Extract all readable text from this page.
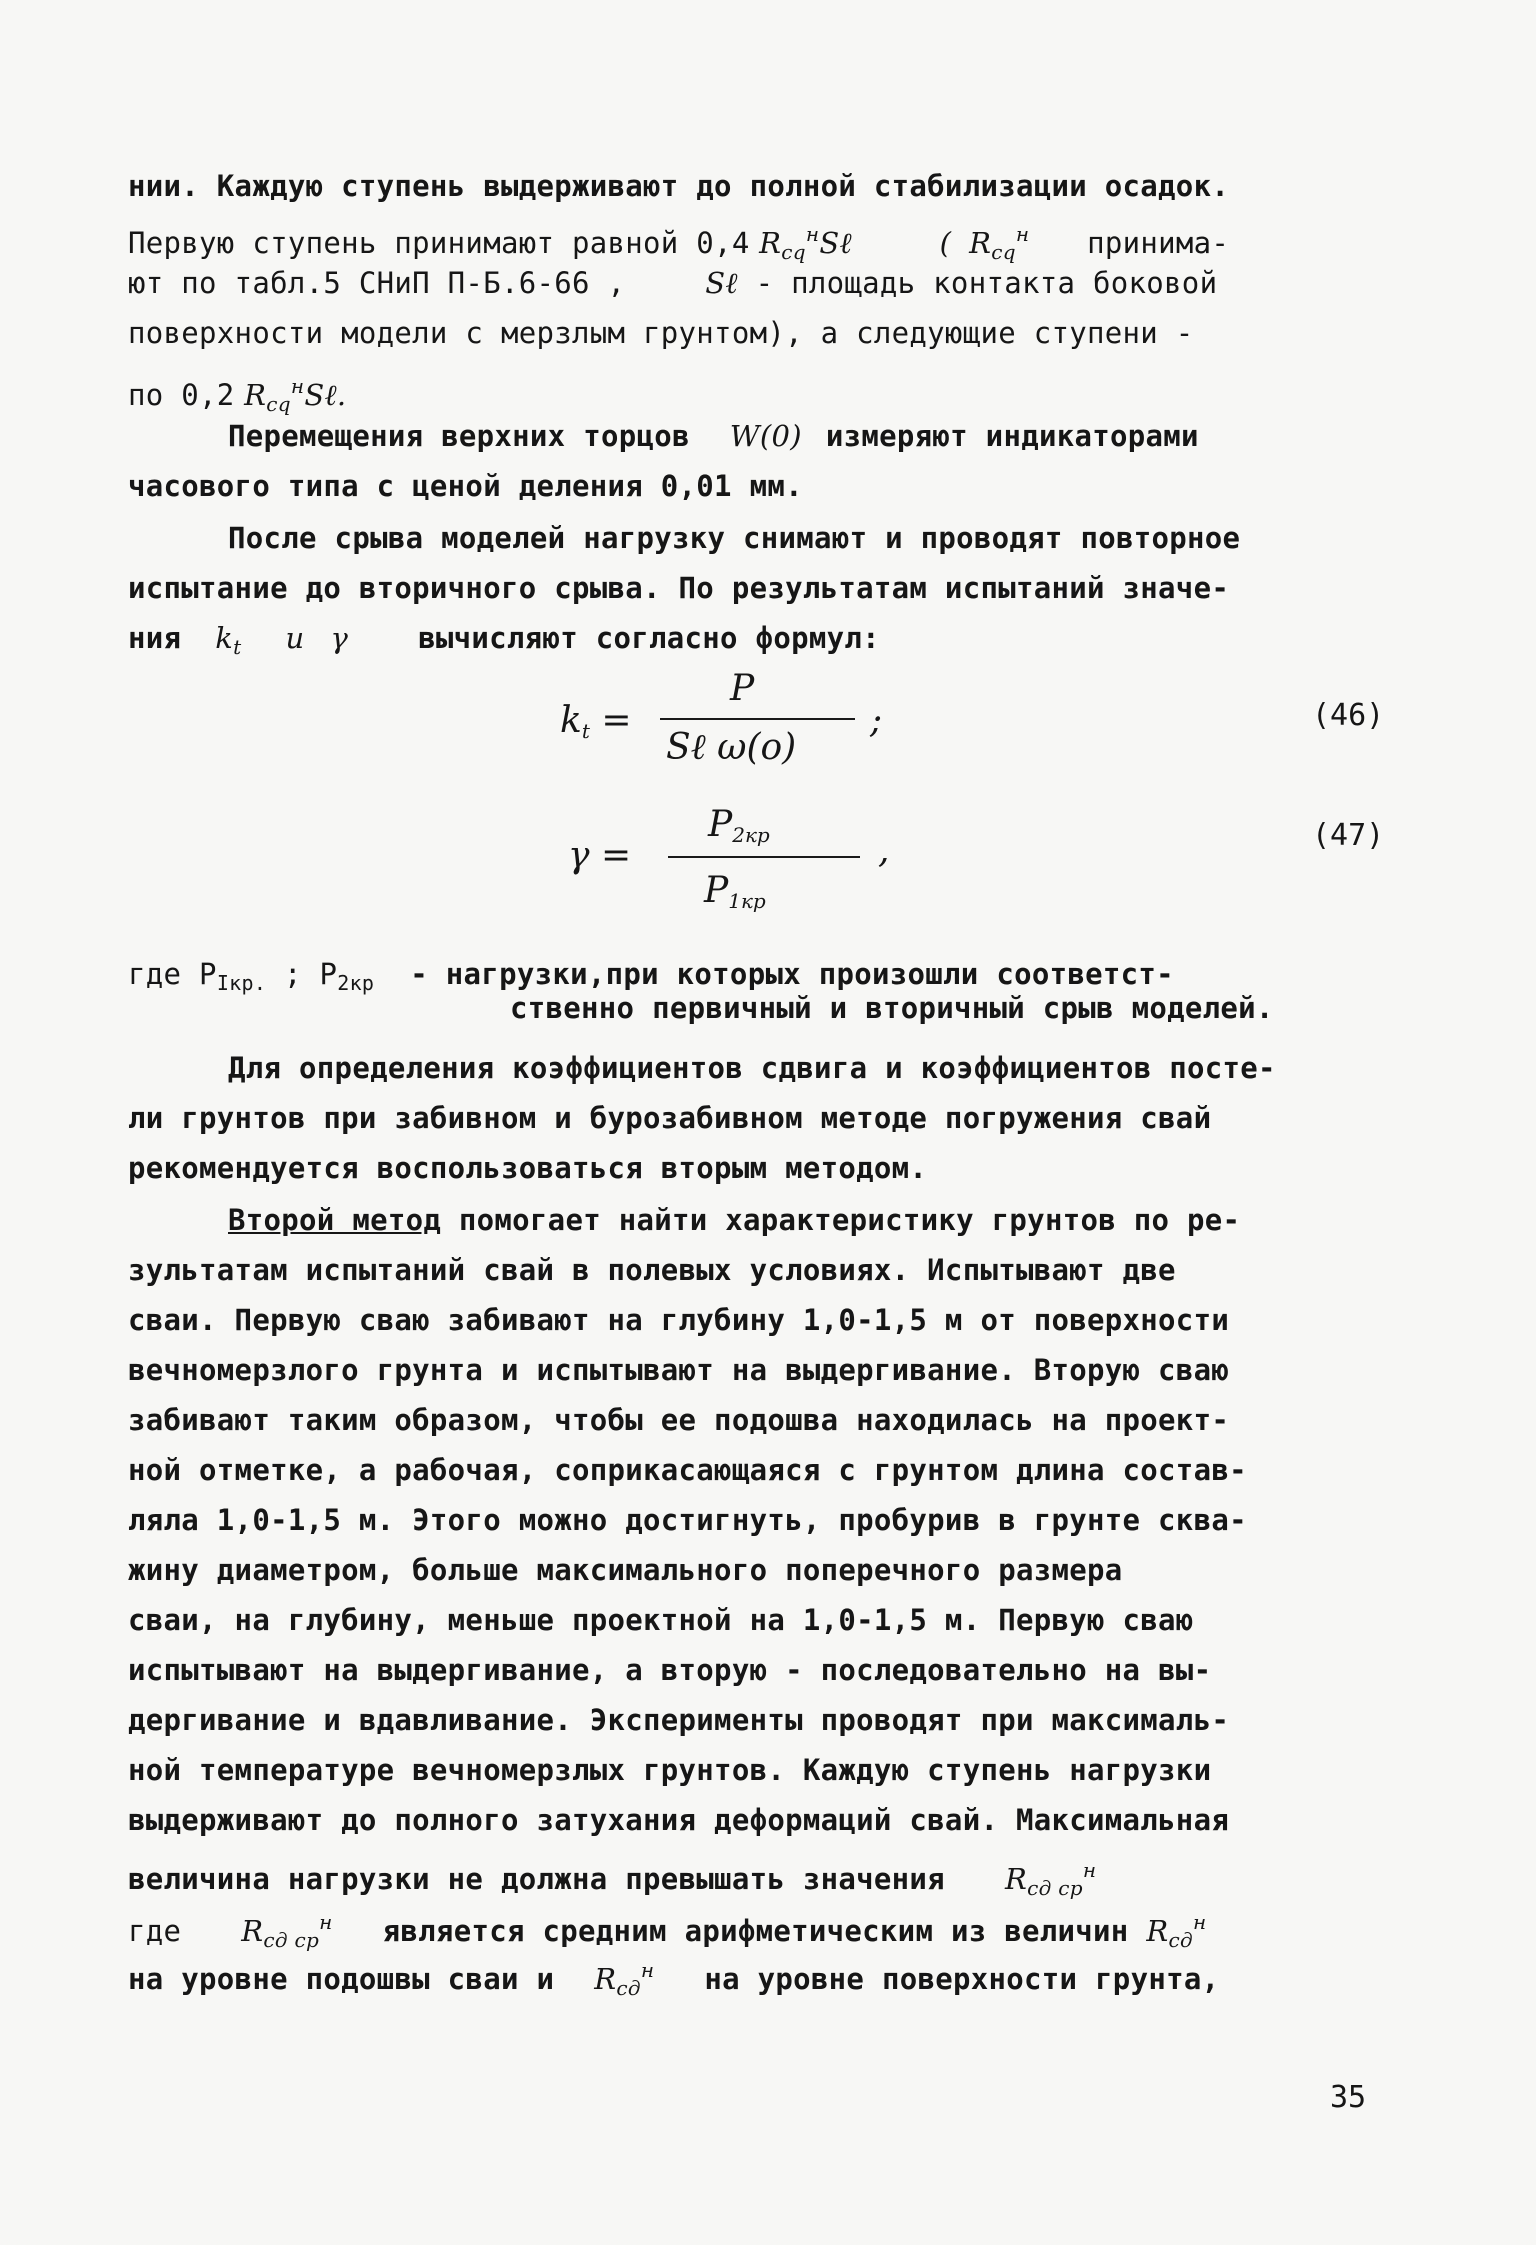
нии. Каждую ступень выдерживают до полной стабилизации осадок.
Первую ступень принимают равной 0,4 $R_{cq}^нS\ell$	( $R_{cq}^н$ принима-
ют по табл.5 СНиП П-Б.6-66 ,	Sℓ - площадь контакта боковой
поверхности модели с мерзлым грунтом), а следующие ступени -
по 0,2 $R_{cq}^нS\ell$.
Перемещения верхних торцов W(0) измеряют индикаторами
часового типа с ценой деления 0,01 мм.
После срыва моделей нагрузку снимают и проводят повторное
испытание до вторичного срыва. По результатам испытаний значе-
ния $k_t$ и γ вычисляют согласно формул:
$k_t$ =
P
Sℓ ω(o)
;	(46)
γ =
$P_{2кр}$
$P_{1кр}$
,	(47)
где $P_{Iкр.}$ ; $P_{2кр}$ - нагрузки,при которых произошли соответст-
ственно первичный и вторичный срыв моделей.
Для определения коэффициентов сдвига и коэффициентов посте-
ли грунтов при забивном и бурозабивном методе погружения свай
рекомендуется воспользоваться вторым методом.
Второй метод помогает найти характеристику грунтов по ре-
зультатам испытаний свай в полевых условиях. Испытывают две
сваи. Первую сваю забивают на глубину 1,0-1,5 м от поверхности
вечномерзлого грунта и испытывают на выдергивание. Вторую сваю
забивают таким образом, чтобы ее подошва находилась на проект-
ной отметке, а рабочая, соприкасающаяся с грунтом длина состав-
ляла 1,0-1,5 м. Этого можно достигнуть, пробурив в грунте сква-
жину диаметром, больше максимального поперечного размера
сваи, на глубину, меньше проектной на 1,0-1,5 м. Первую сваю
испытывают на выдергивание, а вторую - последовательно на вы-
дергивание и вдавливание. Эксперименты проводят при максималь-
ной температуре вечномерзлых грунтов. Каждую ступень нагрузки
выдерживают до полного затухания деформаций свай. Максимальная
величина нагрузки не должна превышать значения $R_{сд ср}^н$
где $R_{сд ср}^н$ является средним арифметическим из величин $R_{сд}^н$
на уровне подошвы сваи и $R_{сд}^н$ на уровне поверхности грунта,
35
